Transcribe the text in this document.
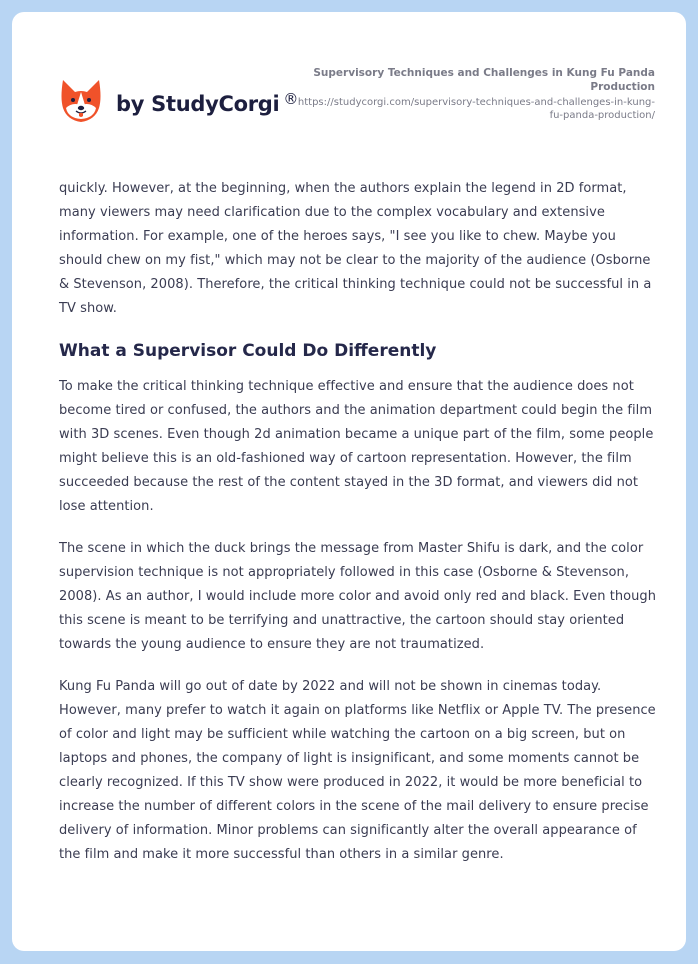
by StudyCorgi ®
Supervisory Techniques and Challenges in Kung Fu Panda Production
https://studycorgi.com/supervisory-techniques-and-challenges-in-kung-fu-panda-production/

quickly. However, at the beginning, when the authors explain the legend in 2D format, many viewers may need clarification due to the complex vocabulary and extensive information. For example, one of the heroes says, "I see you like to chew. Maybe you should chew on my fist," which may not be clear to the majority of the audience (Osborne & Stevenson, 2008). Therefore, the critical thinking technique could not be successful in a TV show.

What a Supervisor Could Do Differently

To make the critical thinking technique effective and ensure that the audience does not become tired or confused, the authors and the animation department could begin the film with 3D scenes. Even though 2d animation became a unique part of the film, some people might believe this is an old-fashioned way of cartoon representation. However, the film succeeded because the rest of the content stayed in the 3D format, and viewers did not lose attention.

The scene in which the duck brings the message from Master Shifu is dark, and the color supervision technique is not appropriately followed in this case (Osborne & Stevenson, 2008). As an author, I would include more color and avoid only red and black. Even though this scene is meant to be terrifying and unattractive, the cartoon should stay oriented towards the young audience to ensure they are not traumatized.

Kung Fu Panda will go out of date by 2022 and will not be shown in cinemas today. However, many prefer to watch it again on platforms like Netflix or Apple TV. The presence of color and light may be sufficient while watching the cartoon on a big screen, but on laptops and phones, the company of light is insignificant, and some moments cannot be clearly recognized. If this TV show were produced in 2022, it would be more beneficial to increase the number of different colors in the scene of the mail delivery to ensure precise delivery of information. Minor problems can significantly alter the overall appearance of the film and make it more successful than others in a similar genre.
